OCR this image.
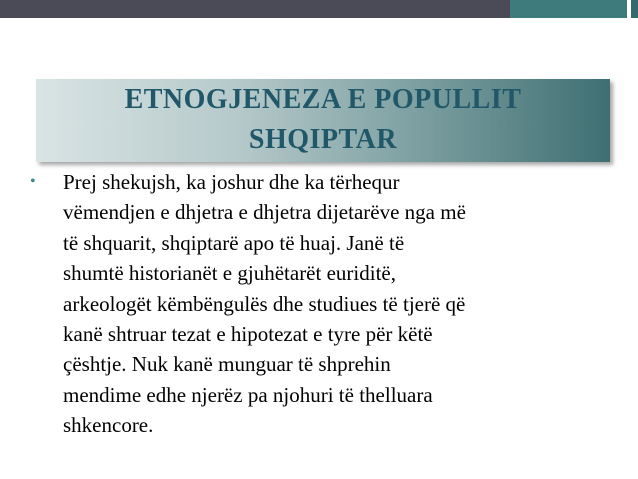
ETNOGJENEZA E POPULLIT
SHQIPTAR
• Prej shekujsh, ka joshur dhe ka tërhequr
vëmendjen e dhjetra e dhjetra dijetarëve nga më
të shquarit, shqiptarë apo të huaj. Janë të
shumtë historianët e gjuhëtarët euriditë,
arkeologët këmbëngulës dhe studiues të tjerë që
kanë shtruar tezat e hipotezat e tyre për këtë
çështje. Nuk kanë munguar të shprehin
mendime edhe njerëz pa njohuri të thelluara
shkencore.
